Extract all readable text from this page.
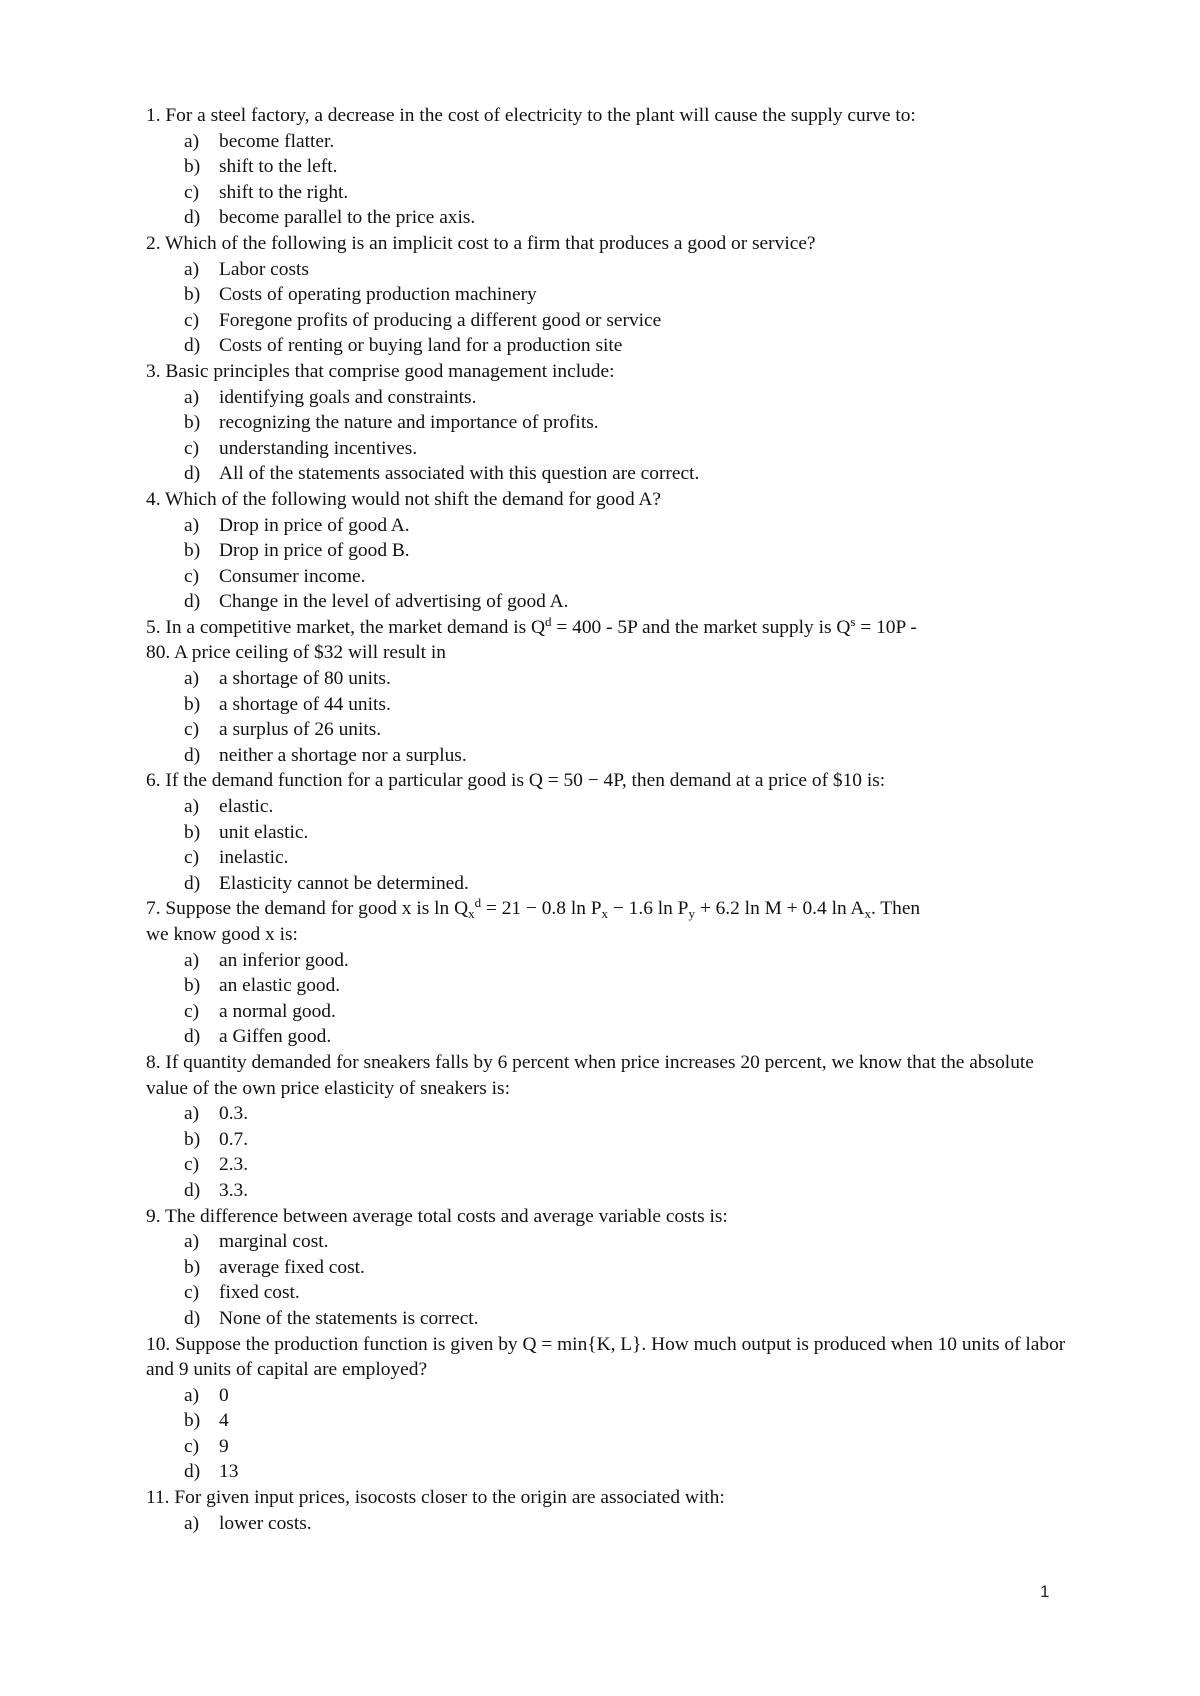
1. For a steel factory, a decrease in the cost of electricity to the plant will cause the supply curve to:

a) become flatter.
b) shift to the left.
c) shift to the right.
d) become parallel to the price axis.

2. Which of the following is an implicit cost to a firm that produces a good or service?

a) Labor costs
b) Costs of operating production machinery
c) Foregone profits of producing a different good or service
d) Costs of renting or buying land for a production site

3. Basic principles that comprise good management include:

a) identifying goals and constraints.
b) recognizing the nature and importance of profits.
c) understanding incentives.
d) All of the statements associated with this question are correct.

4. Which of the following would not shift the demand for good A?

a) Drop in price of good A.
b) Drop in price of good B.
c) Consumer income.
d) Change in the level of advertising of good A.

5. In a competitive market, the market demand is $Q^d = 400 - 5P$ and the market supply is $Q^s = 10P$ -
80. A price ceiling of $32 will result in

a) a shortage of 80 units.
b) a shortage of 44 units.
c) a surplus of 26 units.
d) neither a shortage nor a surplus.

6. If the demand function for a particular good is Q = 50 − 4P, then demand at a price of $10 is:

a) elastic.
b) unit elastic.
c) inelastic.
d) Elasticity cannot be determined.

7. Suppose the demand for good x is $\ln Q_x^d = 21 - 0.8$ $\ln P_x - 1.6$ $\ln P_y + 6.2$ ln M + 0.4 $\ln A_x$. Then
we know good x is:

a) an inferior good.
b) an elastic good.
c) a normal good.
d) a Giffen good.

8. If quantity demanded for sneakers falls by 6 percent when price increases 20 percent, we know that the absolute value of the own price elasticity of sneakers is:

a) 0.3.
b) 0.7.
c) 2.3.
d) 3.3.

9. The difference between average total costs and average variable costs is:

a) marginal cost.
b) average fixed cost.
c) fixed cost.
d) None of the statements is correct.

10. Suppose the production function is given by Q = min{K, L}. How much output is produced when 10 units of labor and 9 units of capital are employed?

a) 0
b) 4
c) 9
d) 13

11. For given input prices, isocosts closer to the origin are associated with:

a) lower costs.
1
